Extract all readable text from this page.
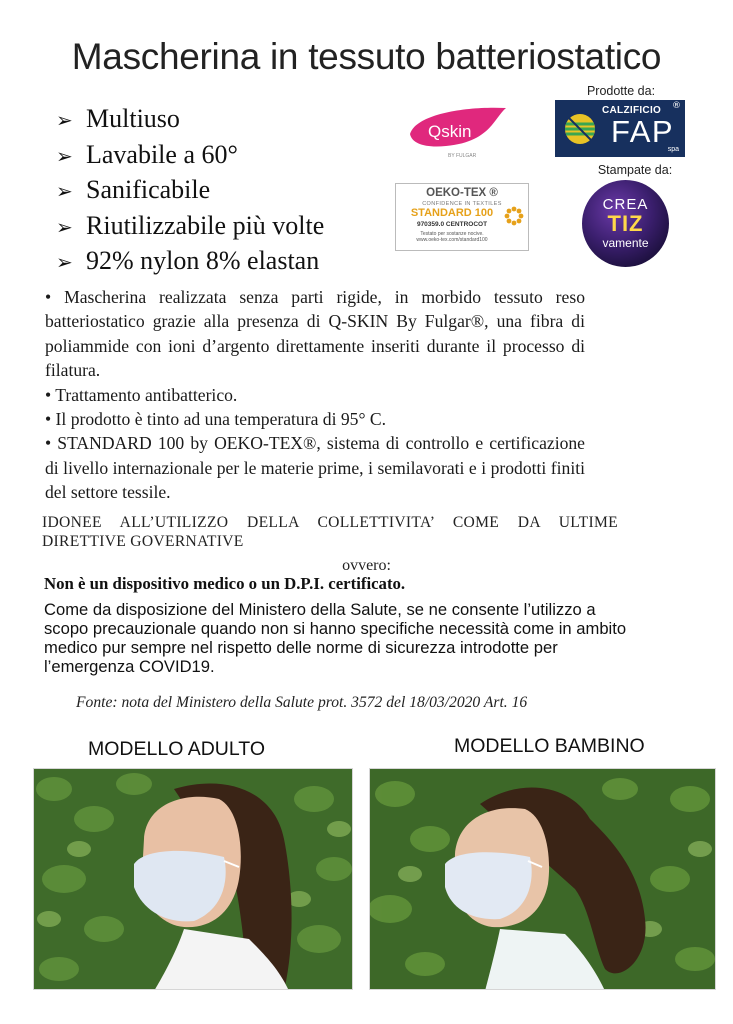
Mascherina in tessuto batteriostatico
➢ Multiuso
➢ Lavabile a 60°
➢ Sanificabile
➢ Riutilizzabile più volte
➢ 92% nylon 8% elastan
Qskin
BY FULGAR
Prodotte da:
CALZIFICIO
FAP
spa
®
Stampate da:
CREA
TIZ
vamente
OEKO-TEX ®
CONFIDENCE IN TEXTILES
STANDARD 100
970359.0 CENTROCOT
Testato per sostanze nocive.
www.oeko-tex.com/standard100

• Mascherina realizzata senza parti rigide, in morbido tessuto reso batteriostatico grazie alla presenza di Q-SKIN By Fulgar®, una fibra di poliammide con ioni d’argento direttamente inseriti durante il processo di filatura.

• Trattamento antibatterico.

• Il prodotto è tinto ad una temperatura di 95° C.

• STANDARD 100 by OEKO-TEX®, sistema di controllo e certificazione di livello internazionale per le materie prime, i semilavorati e i prodotti finiti del settore tessile.

IDONEE ALL’UTILIZZO DELLA COLLETTIVITA’ COME DA ULTIME DIRETTIVE GOVERNATIVE
ovvero:
Non è un dispositivo medico o un D.P.I. certificato.
Come da disposizione del Ministero della Salute, se ne consente l’utilizzo a scopo precauzionale quando non si hanno specifiche necessità come in ambito medico pur sempre nel rispetto delle norme di sicurezza introdotte per l’emergenza COVID19.
Fonte: nota del Ministero della Salute prot. 3572 del 18/03/2020 Art. 16
MODELLO ADULTO	MODELLO BAMBINO
